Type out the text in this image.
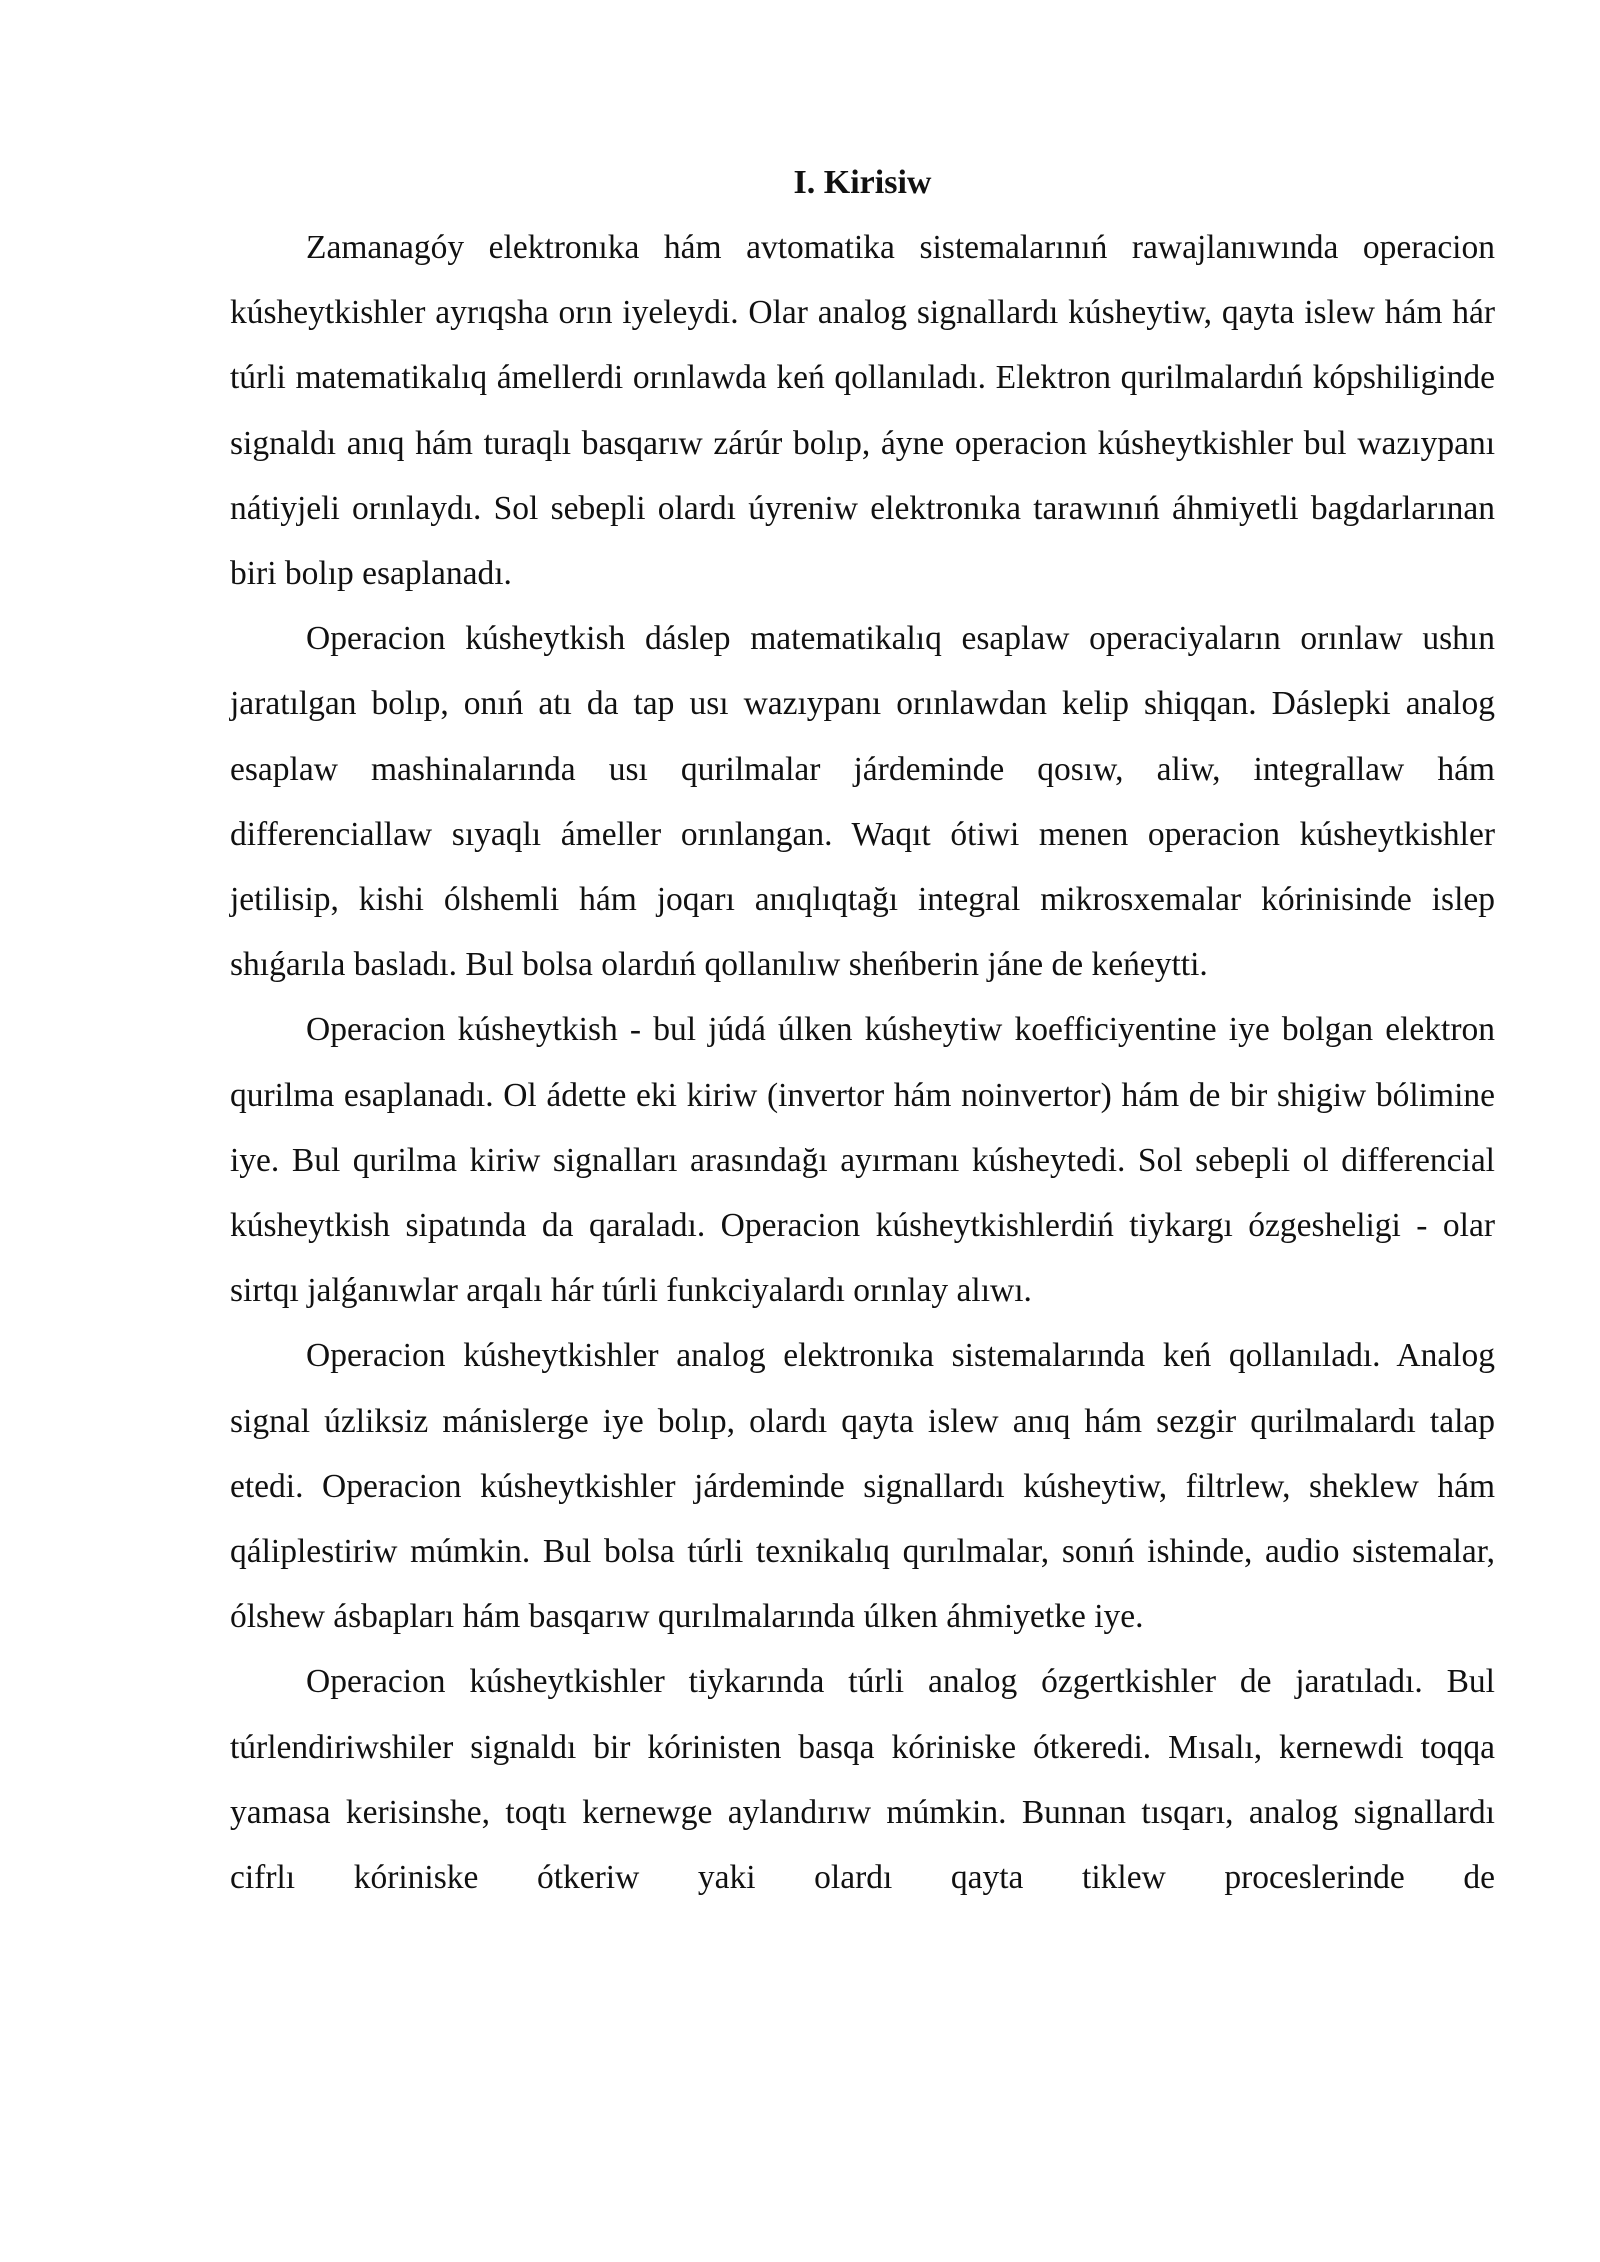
I. Kirisiw

Zamanagóy elektronıka hám avtomatika sistemalarınıń rawajlanıwında operacion kúsheytkishler ayrıqsha orın iyeleydi. Olar analog signallardı kúsheytiw, qayta islew hám hár túrli matematikalıq ámellerdi orınlawda keń qollanıladı. Elektron qurilmalardıń kópshiliginde signaldı anıq hám turaqlı basqarıw zárúr bolıp, áyne operacion kúsheytkishler bul wazıypanı nátiyjeli orınlaydı. Sol sebepli olardı úyreniw elektronıka tarawınıń áhmiyetli bagdarlarınan biri bolıp esaplanadı.

Operacion kúsheytkish dáslep matematikalıq esaplaw operaciyaların orınlaw ushın jaratılgan bolıp, onıń atı da tap usı wazıypanı orınlawdan kelip shiqqan. Dáslepki analog esaplaw mashinalarında usı qurilmalar járdeminde qosıw, aliw, integrallaw hám differenciallaw sıyaqlı ámeller orınlangan. Waqıt ótiwi menen operacion kúsheytkishler jetilisip, kishi ólshemli hám joqarı anıqlıqtağı integral mikrosxemalar kórinisinde islep shıǵarıla basladı. Bul bolsa olardıń qollanılıw sheńberin jáne de keńeytti.

Operacion kúsheytkish - bul júdá úlken kúsheytiw koefficiyentine iye bolgan elektron qurilma esaplanadı. Ol ádette eki kiriw (invertor hám noinvertor) hám de bir shigiw bólimine iye. Bul qurilma kiriw signalları arasındağı ayırmanı kúsheytedi. Sol sebepli ol differencial kúsheytkish sipatında da qaraladı. Operacion kúsheytkishlerdiń tiykargı ózgesheligi - olar sirtqı jalǵanıwlar arqalı hár túrli funkciyalardı orınlay alıwı.

Operacion kúsheytkishler analog elektronıka sistemalarında keń qollanıladı. Analog signal úzliksiz mánislerge iye bolıp, olardı qayta islew anıq hám sezgir qurilmalardı talap etedi. Operacion kúsheytkishler járdeminde signallardı kúsheytiw, filtrlew, sheklew hám qáliplestiriw múmkin. Bul bolsa túrli texnikalıq qurılmalar, sonıń ishinde, audio sistemalar, ólshew ásbapları hám basqarıw qurılmalarında úlken áhmiyetke iye.

Operacion kúsheytkishler tiykarında túrli analog ózgertkishler de jaratıladı. Bul túrlendiriwshiler signaldı bir kórinisten basqa kóriniske ótkeredi. Mısalı, kernewdi toqqa yamasa kerisinshe, toqtı kernewge aylandırıw múmkin. Bunnan tısqarı, analog signallardı cifrlı kóriniske ótkeriw yaki olardı qayta tiklew proceslerinde de
